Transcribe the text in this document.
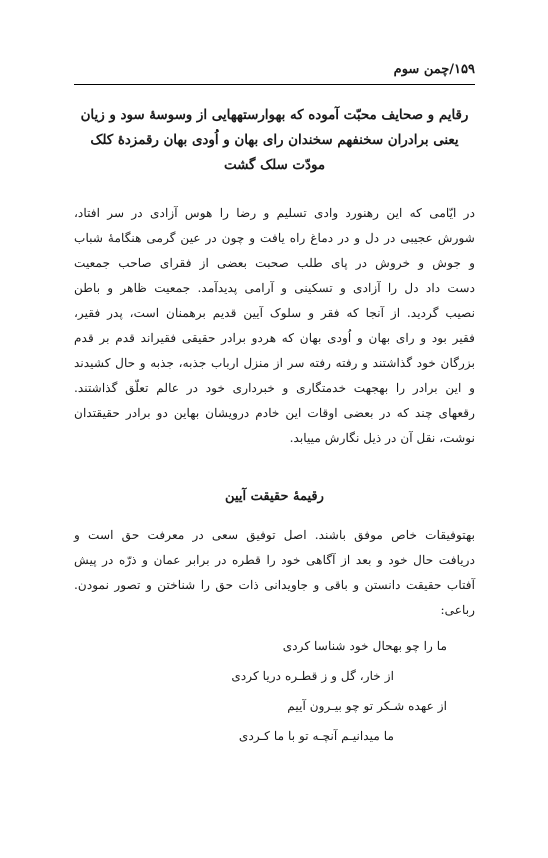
۱۵۹/چمن سوم
رقایم و صحایف محبّت آموده که بهوارستههایی از وسوسهٔ سود و زیان
یعنی برادران سخنفهم سخندان رای بهان و اُودی بهان رقمزدهٔ کلک
مودّت سلک گشت
در ایّامی که این رهنورد وادی تسلیم و رضا را هوس آزادی در سر افتاد،
شورش عجیبی در دل و در دماغ راه یافت و چون در عین گرمی هنگامهٔ شباب
و جوش و خروش در پای طلب صحبت بعضی از فقرای صاحب جمعیت
دست داد دل را آزادی و تسکینی و آرامی پدیدآمد. جمعیت ظاهر و باطن
نصیب گردید. از آنجا که فقر و سلوک آیین قدیم برهمنان است، پدر فقیر،
فقیر بود و رای بهان و اُودی بهان که هردو برادر حقیقی فقیراند قدم بر قدم
بزرگان خود گذاشتند و رفته رفته سر از منزل ارباب جذبه، جذبه و حال کشیدند
و این برادر را بهجهت خدمتگاری و خبرداری خود در عالم تعلّق گذاشتند.
رقعهای چند که در بعضی اوقات این خادم درویشان بهاین دو برادر حقیقتدان
نوشت، نقل آن در ذیل نگارش مییابد.
رقیمهٔ حقیقت آیین
بهتوفیقات خاص موفق باشند. اصل توفیق سعی در معرفت حق است و
دریافت حال خود و بعد از آگاهی خود را قطره در برابر عمان و ذرّه در پیش
آفتاب حقیقت دانستن و باقی و جاویدانی ذات حق را شناختن و تصور نمودن.
رباعی:
ما را چو بهحال خود شناسا کردی
از خار، گل و ز قطـره دریا کردی
از عهده شـکر تو چو بیـرون آییم
ما میدانیـم آنچـه تو با ما کـردی
